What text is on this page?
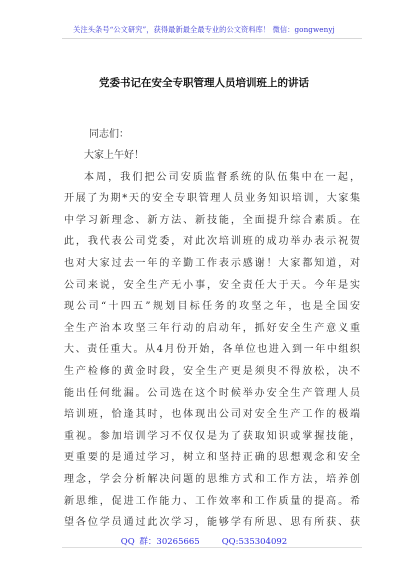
关注头条号“公文研究”，获得最新最全最专业的公文资料库！ 微信：gongwenyj
党委书记在安全专职管理人员培训班上的讲话
同志们：
大家上午好！
本周，我们把公司安质监督系统的队伍集中在一起，
开展了为期*天的安全专职管理人员业务知识培训，大家集
中学习新理念、新方法、新技能，全面提升综合素质。在
此，我代表公司党委，对此次培训班的成功举办表示祝贺
也对大家过去一年的辛勤工作表示感谢！大家都知道，对
公司来说，安全生产无小事，安全责任大于天。今年是实
现公司“十四五”规划目标任务的攻坚之年，也是全国安
全生产治本攻坚三年行动的启动年，抓好安全生产意义重
大、责任重大。从4月份开始，各单位也进入到一年中组织
生产检修的黄金时段，安全生产更是须臾不得放松，决不
能出任何纰漏。公司选在这个时候举办安全生产管理人员
培训班，恰逢其时，也体现出公司对安全生产工作的极端
重视。参加培训学习不仅仅是为了获取知识或掌握技能，
更重要的是通过学习，树立和坚持正确的思想观念和安全
理念，学会分析解决问题的思维方式和工作方法，培养创
新思维，促进工作能力、工作效率和工作质量的提高。希
望各位学员通过此次学习，能够学有所思、思有所获、获
QQ 群：30265665	QQ:535304092
